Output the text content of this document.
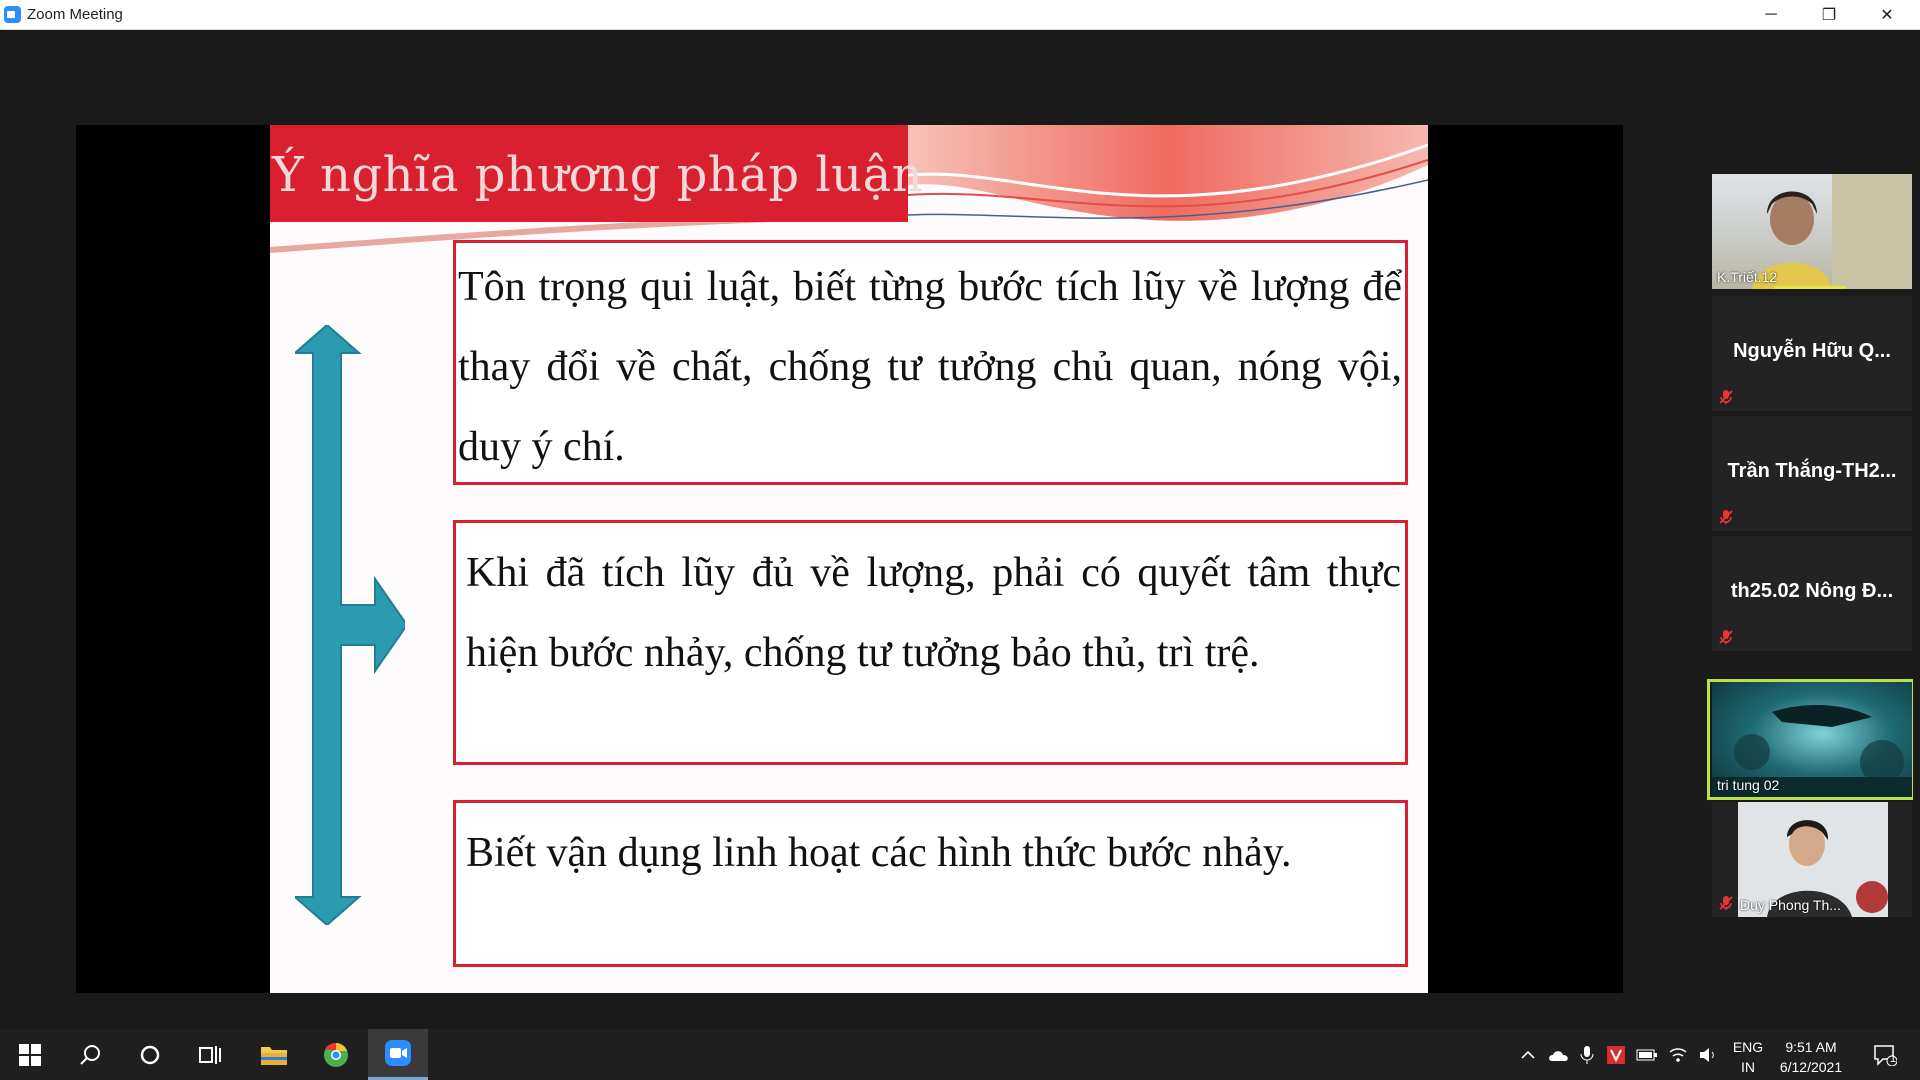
Zoom Meeting	─	❐	✕
Ý nghĩa phương pháp luận
Tôn trọng qui luật, biết từng bước tích lũy về lượng để thay đổi về chất, chống tư tưởng chủ quan, nóng vội, duy ý chí.
Khi đã tích lũy đủ về lượng, phải có quyết tâm thực hiện bước nhảy, chống tư tưởng bảo thủ, trì trệ.
Biết vận dụng linh hoạt các hình thức bước nhảy.
K.Triết.12
Nguyễn Hữu Q...
Trần Thắng-TH2...
th25.02 Nông Đ...
tri tung 02
Duy Phong Th...
ENG
IN
9:51 AM
6/12/2021	1
